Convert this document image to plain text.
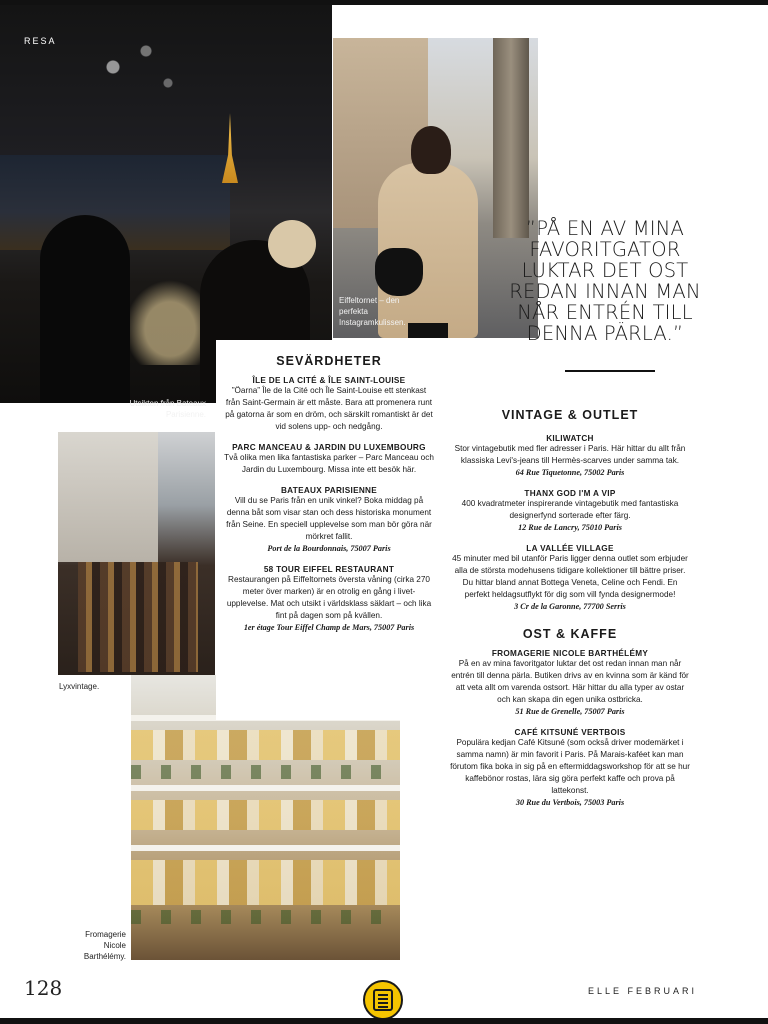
RESA
Utsikten från Bateaux Parisienne.
Eiffeltornet – den perfekta Instagramkulissen.
”PÅ EN AV MINA FAVORITGATOR LUKTAR DET OST REDAN INNAN MAN NÅR ENTRÉN TILL DENNA PÄRLA.”
Lyxvintage.
Fromagerie Nicole Barthélémy.
SEVÄRDHETER
ÎLE DE LA CITÉ & ÎLE SAINT-LOUISE
”Öarna” Île de la Cité och Île Saint-Louise ett stenkast från Saint-Germain är ett måste. Bara att promenera runt på gatorna är som en dröm, och särskilt romantiskt är det vid solens upp- och nedgång.
PARC MANCEAU & JARDIN DU LUXEMBOURG
Två olika men lika fantastiska parker – Parc Manceau och Jardin du Luxembourg. Missa inte ett besök här.
BATEAUX PARISIENNE
Vill du se Paris från en unik vinkel? Boka middag på denna båt som visar stan och dess historiska monument från Seine. En speciell upplevelse som man bör göra när mörkret fallit.
Port de la Bourdonnais, 75007 Paris
58 TOUR EIFFEL RESTAURANT
Restaurangen på Eiffeltornets översta våning (cirka 270 meter över marken) är en otrolig en gång i livet-upplevelse. Mat och utsikt i världsklass säklart – och lika fint på dagen som på kvällen.
1er étage Tour Eiffel Champ de Mars, 75007 Paris
VINTAGE & OUTLET
KILIWATCH
Stor vintagebutik med fler adresser i Paris. Här hittar du allt från klassiska Levi's-jeans till Hermès-scarves under samma tak.
64 Rue Tiquetonne, 75002 Paris
THANX GOD I'M A VIP
400 kvadratmeter inspirerande vintagebutik med fantastiska designerfynd sorterade efter färg.
12 Rue de Lancry, 75010 Paris
LA VALLÉE VILLAGE
45 minuter med bil utanför Paris ligger denna outlet som erbjuder alla de största modehusens tidigare kollektioner till bättre priser. Du hittar bland annat Bottega Veneta, Celine och Fendi. En perfekt heldagsutflykt för dig som vill fynda designermode!
3 Cr de la Garonne, 77700 Serris
OST & KAFFE
FROMAGERIE NICOLE BARTHÉLÉMY
På en av mina favoritgator luktar det ost redan innan man når entrén till denna pärla. Butiken drivs av en kvinna som är känd för att veta allt om varenda ostsort. Här hittar du alla typer av ostar och kan skapa din egen unika ostbricka.
51 Rue de Grenelle, 75007 Paris
CAFÉ KITSUNÉ VERTBOIS
Populära kedjan Café Kitsuné (som också driver modemärket i samma namn) är min favorit i Paris. På Marais-kaféet kan man förutom fika boka in sig på en eftermiddagsworkshop för att se hur kaffebönor rostas, lära sig göra perfekt kaffe och prova på lattekonst.
30 Rue du Vertbois, 75003 Paris
128	ELLE FEBRUARI
